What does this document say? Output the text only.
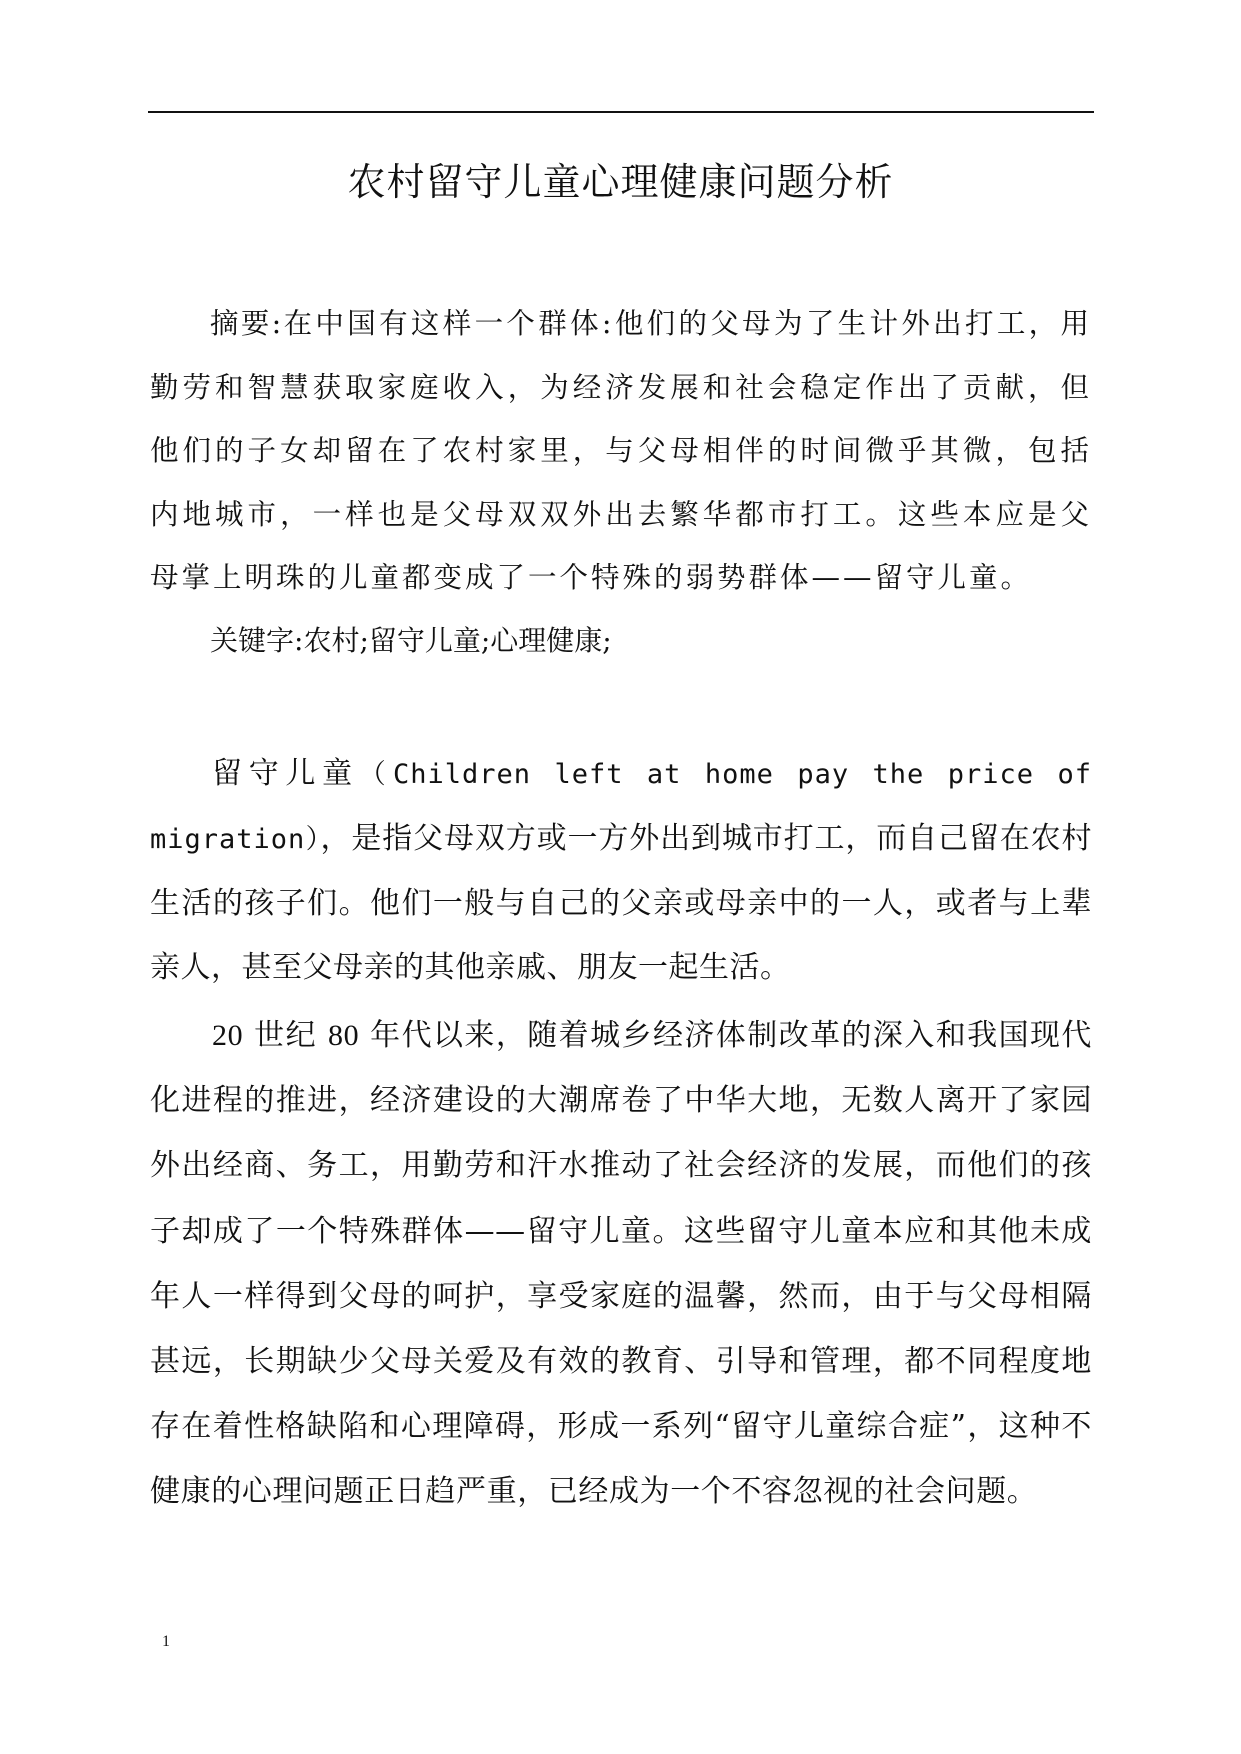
农村留守儿童心理健康问题分析

摘要:在中国有这样一个群体:他们的父母为了生计外出打工，用勤劳和智慧获取家庭收入，为经济发展和社会稳定作出了贡献，但他们的子女却留在了农村家里，与父母相伴的时间微乎其微，包括内地城市，一样也是父母双双外出去繁华都市打工。这些本应是父母掌上明珠的儿童都变成了一个特殊的弱势群体——留守儿童。

关键字:农村;留守儿童;心理健康;

留守儿童（Children left at home pay the price of migration），是指父母双方或一方外出到城市打工，而自己留在农村生活的孩子们。他们一般与自己的父亲或母亲中的一人，或者与上辈亲人，甚至父母亲的其他亲戚、朋友一起生活。

20 世纪 80 年代以来，随着城乡经济体制改革的深入和我国现代化进程的推进，经济建设的大潮席卷了中华大地，无数人离开了家园外出经商、务工，用勤劳和汗水推动了社会经济的发展，而他们的孩子却成了一个特殊群体——留守儿童。这些留守儿童本应和其他未成年人一样得到父母的呵护，享受家庭的温馨，然而，由于与父母相隔甚远，长期缺少父母关爱及有效的教育、引导和管理，都不同程度地存在着性格缺陷和心理障碍，形成一系列“留守儿童综合症”，这种不健康的心理问题正日趋严重，已经成为一个不容忽视的社会问题。

1
